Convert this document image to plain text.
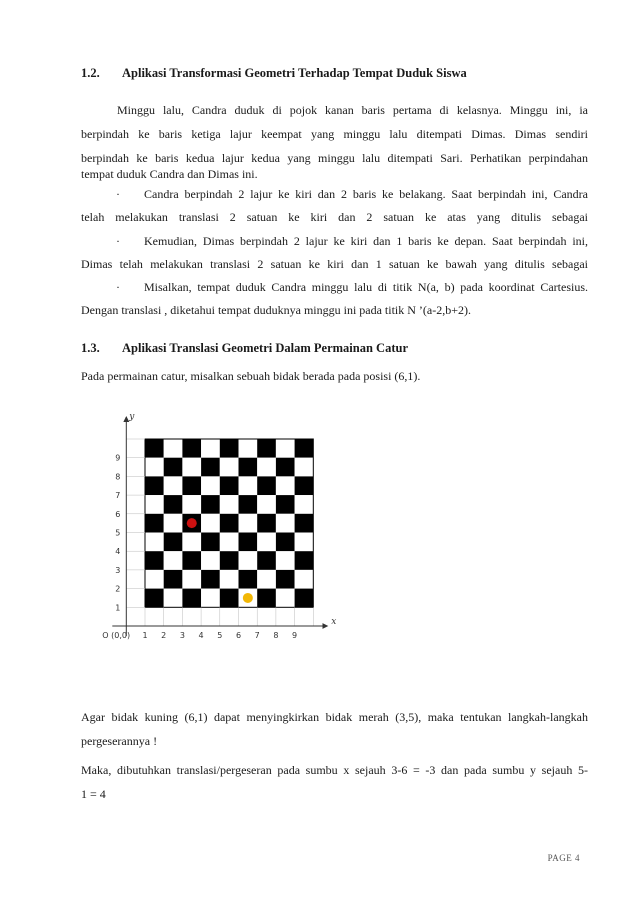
1.2. Aplikasi Transformasi Geometri Terhadap Tempat Duduk Siswa
Minggu lalu, Candra duduk di pojok kanan baris pertama di kelasnya. Minggu ini, ia
berpindah ke baris ketiga lajur keempat yang minggu lalu ditempati Dimas. Dimas sendiri
berpindah ke baris kedua lajur kedua yang minggu lalu ditempati Sari. Perhatikan perpindahan
tempat duduk Candra dan Dimas ini.
· Candra berpindah 2 lajur ke kiri dan 2 baris ke belakang. Saat berpindah ini, Candra
telah melakukan translasi 2 satuan ke kiri dan 2 satuan ke atas yang ditulis sebagai
· Kemudian, Dimas berpindah 2 lajur ke kiri dan 1 baris ke depan. Saat berpindah ini,
Dimas telah melakukan translasi 2 satuan ke kiri dan 1 satuan ke bawah yang ditulis sebagai
· Misalkan, tempat duduk Candra minggu lalu di titik N(a, b) pada koordinat Cartesius.
Dengan translasi , diketahui tempat duduknya minggu ini pada titik N ’(a-2,b+2).
1.3. Aplikasi Translasi Geometri Dalam Permainan Catur
Pada permainan catur, misalkan sebuah bidak berada pada posisi (6,1).
1 2 3 4 5 6 7 8 9
1
2
3
4
5
6
7
8
9
x
y
O (0,0)
Agar bidak kuning (6,1) dapat menyingkirkan bidak merah (3,5), maka tentukan langkah-langkah
pergeserannya !
Maka, dibutuhkan translasi/pergeseran pada sumbu x sejauh 3-6 = -3 dan pada sumbu y sejauh 5-
1 = 4
PAGE 4
